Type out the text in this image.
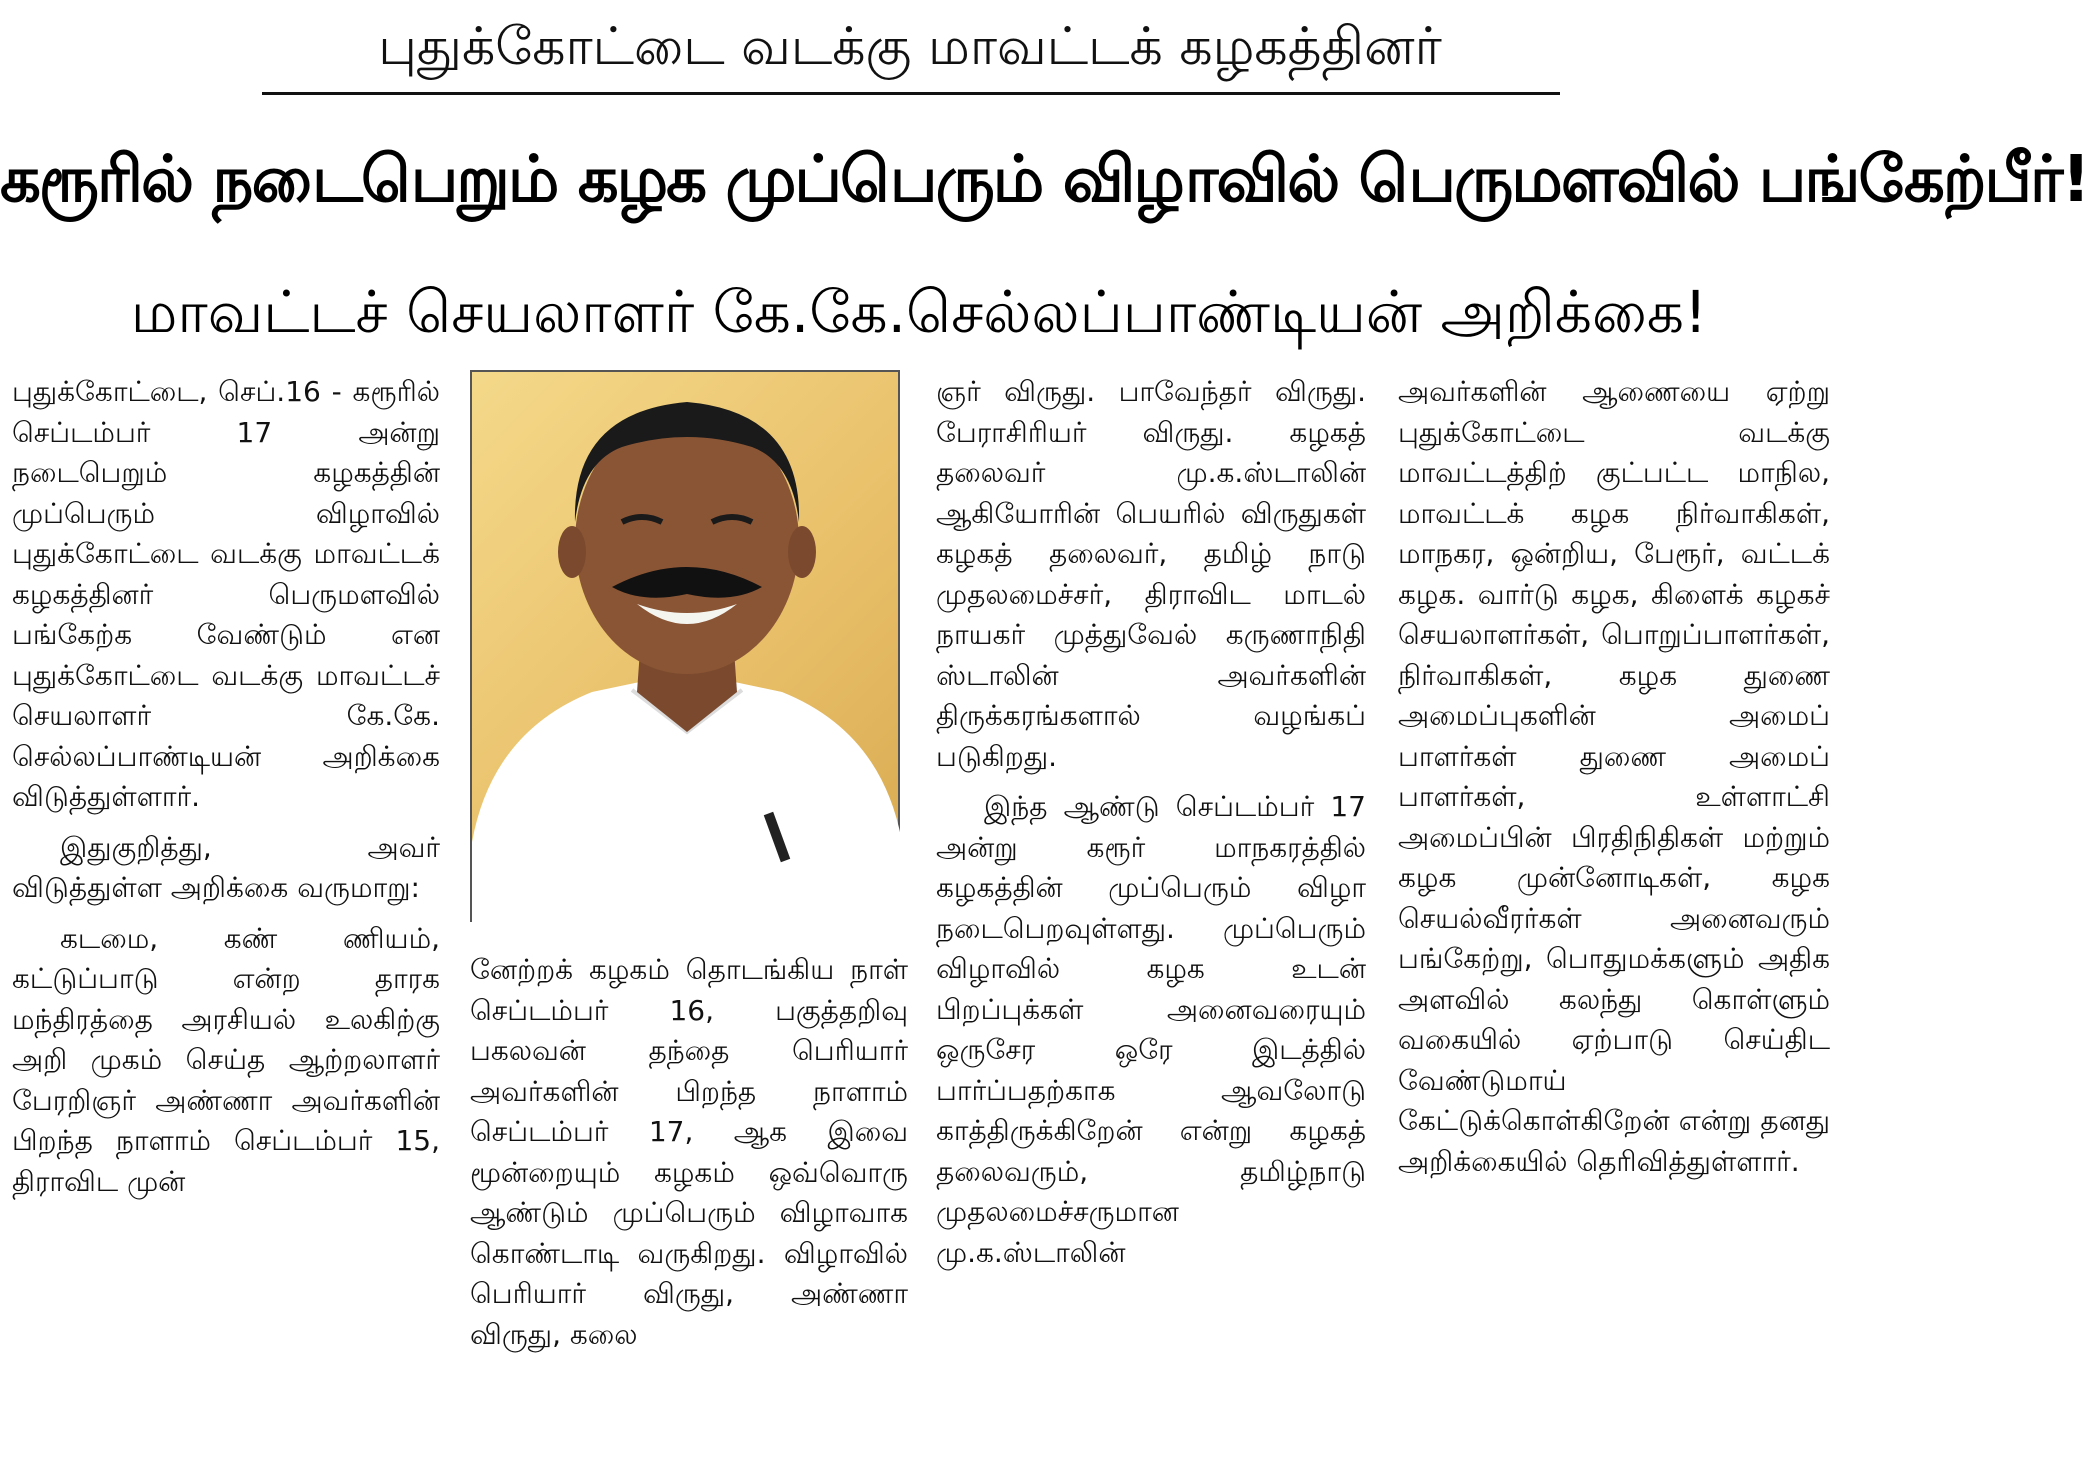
புதுக்கோட்டை வடக்கு மாவட்டக் கழகத்தினர்
கரூரில் நடைபெறும் கழக முப்பெரும் விழாவில் பெருமளவில் பங்கேற்பீர்!
மாவட்டச் செயலாளர் கே.கே.செல்லப்பாண்டியன் அறிக்கை!

புதுக்கோட்டை, செப்.16 - கரூரில் செப்டம்பர் 17 அன்று நடைபெறும் கழகத்தின் முப்பெரும் விழாவில் புதுக்கோட்டை வடக்கு மாவட்டக் கழகத்தினர் பெருமளவில் பங்கேற்க வேண்டும் என புதுக்கோட்டை வடக்கு மாவட்டச் செயலாளர் கே.கே. செல்லப்பாண்டியன் அறிக்கை விடுத்துள்ளார்.

இதுகுறித்து, அவர் விடுத்துள்ள அறிக்கை வருமாறு:

கடமை, கண் ணியம், கட்டுப்பாடு என்ற தாரக மந்திரத்தை அரசியல் உலகிற்கு அறி முகம் செய்த ஆற்றலாளர் பேரறிஞர் அண்ணா அவர்களின் பிறந்த நாளாம் செப்டம்பர் 15, திராவிட முன்

னேற்றக் கழகம் தொடங்கிய நாள் செப்டம்பர் 16, பகுத்தறிவு பகலவன் தந்தை பெரியார் அவர்களின் பிறந்த நாளாம் செப்டம்பர் 17, ஆக இவை மூன்றையும் கழகம் ஒவ்வொரு ஆண்டும் முப்பெரும் விழாவாக கொண்டாடி வருகிறது. விழாவில் பெரியார் விருது, அண்ணா விருது, கலை

ஞர் விருது. பாவேந்தர் விருது. பேராசிரியர் விருது. கழகத் தலைவர் மு.க.ஸ்டாலின் ஆகியோரின் பெயரில் விருதுகள் கழகத் தலைவர், தமிழ் நாடு முதலமைச்சர், திராவிட மாடல் நாயகர் முத்துவேல் கருணாநிதி ஸ்டாலின் அவர்களின் திருக்கரங்களால் வழங்கப் படுகிறது.

இந்த ஆண்டு செப்டம்பர் 17 அன்று கரூர் மாநகரத்தில் கழகத்தின் முப்பெரும் விழா நடைபெறவுள்ளது. முப்பெரும் விழாவில் கழக உடன் பிறப்புக்கள் அனைவரையும் ஒருசேர ஒரே இடத்தில் பார்ப்பதற்காக ஆவலோடு காத்திருக்கிறேன் என்று கழகத் தலைவரும், தமிழ்நாடு முதலமைச்சருமான மு.க.ஸ்டாலின்

அவர்களின் ஆணையை ஏற்று புதுக்கோட்டை வடக்கு மாவட்டத்திற் குட்பட்ட மாநில, மாவட்டக் கழக நிர்வாகிகள், மாநகர, ஒன்றிய, பேரூர், வட்டக் கழக. வார்டு கழக, கிளைக் கழகச் செயலாளர்கள், பொறுப்பாளர்கள், நிர்வாகிகள், கழக துணை அமைப்புகளின் அமைப் பாளர்கள் துணை அமைப் பாளர்கள், உள்ளாட்சி அமைப்பின் பிரதிநிதிகள் மற்றும் கழக முன்னோடிகள், கழக செயல்வீரர்கள் அனைவரும் பங்கேற்று, பொதுமக்களும் அதிக அளவில் கலந்து கொள்ளும் வகையில் ஏற்பாடு செய்திட வேண்டுமாய் கேட்டுக்கொள்கிறேன் என்று தனது அறிக்கையில் தெரிவித்துள்ளார்.
